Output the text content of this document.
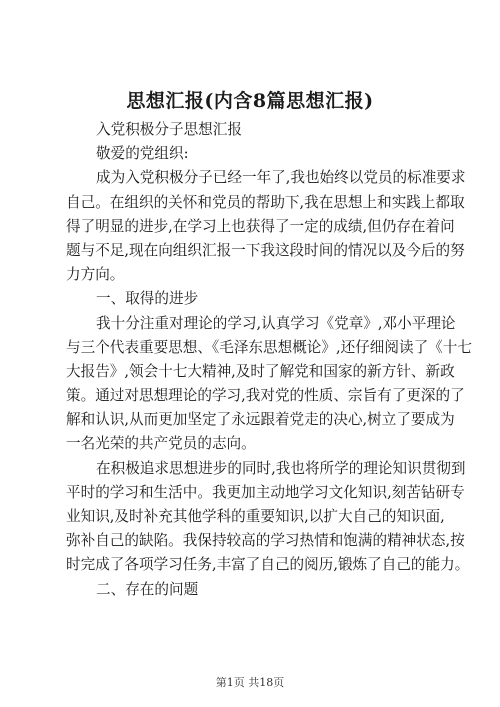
思想汇报(内含8篇思想汇报)
入党积极分子思想汇报
敬爱的党组织:
成为入党积极分子已经一年了,我也始终以党员的标准要求
自己。在组织的关怀和党员的帮助下,我在思想上和实践上都取
得了明显的进步,在学习上也获得了一定的成绩,但仍存在着问
题与不足,现在向组织汇报一下我这段时间的情况以及今后的努
力方向。
一、取得的进步
我十分注重对理论的学习,认真学习《党章》,邓小平理论
与三个代表重要思想、《毛泽东思想概论》,还仔细阅读了《十七
大报告》,领会十七大精神,及时了解党和国家的新方针、新政
策。通过对思想理论的学习,我对党的性质、宗旨有了更深的了
解和认识,从而更加坚定了永远跟着党走的决心,树立了要成为
一名光荣的共产党员的志向。
在积极追求思想进步的同时,我也将所学的理论知识贯彻到
平时的学习和生活中。我更加主动地学习文化知识,刻苦钻研专
业知识,及时补充其他学科的重要知识,以扩大自己的知识面,
弥补自己的缺陷。我保持较高的学习热情和饱满的精神状态,按
时完成了各项学习任务,丰富了自己的阅历,锻炼了自己的能力。
二、存在的问题
第1页 共18页
